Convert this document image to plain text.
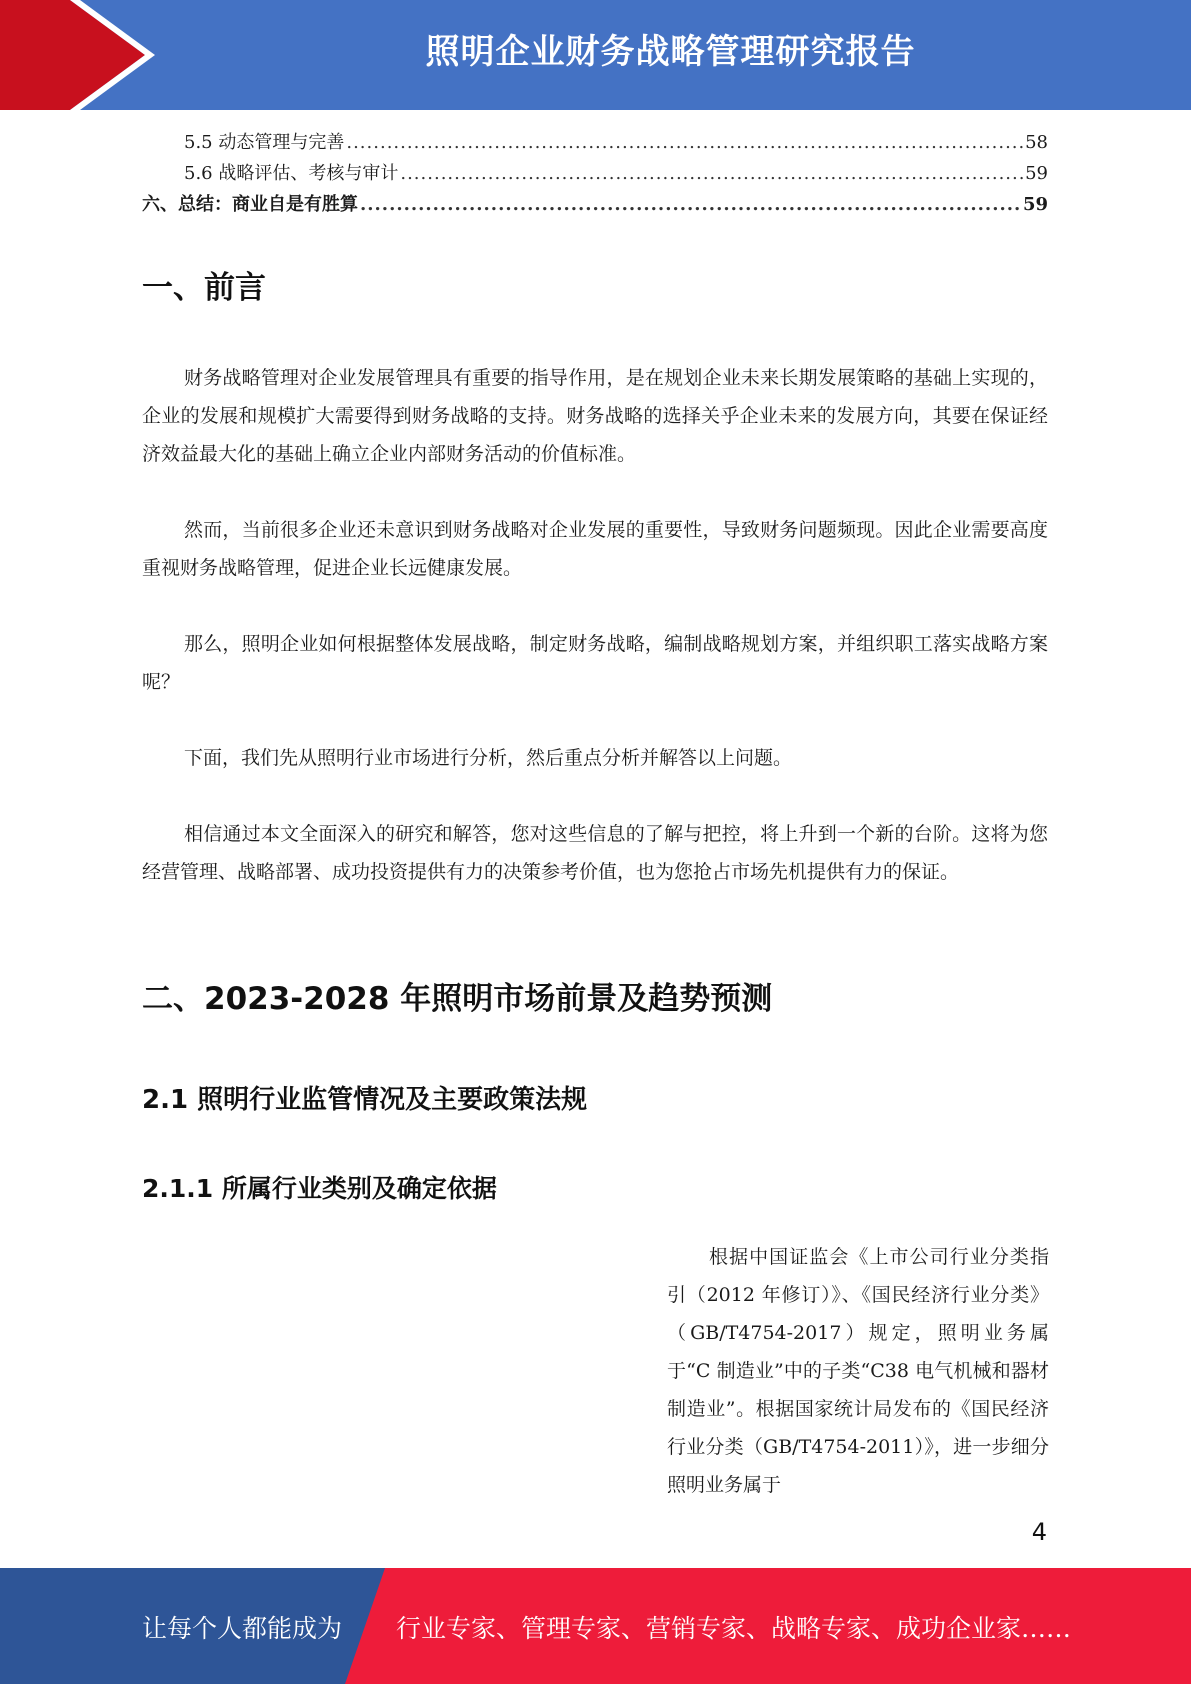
照明企业财务战略管理研究报告
5.5 动态管理与完善 .....	58
5.6 战略评估、考核与审计 .....	59
六、总结：商业自是有胜算 .....	59
一、前言

财务战略管理对企业发展管理具有重要的指导作用，是在规划企业未来长期发展策略的基础上实现的，企业的发展和规模扩大需要得到财务战略的支持。财务战略的选择关乎企业未来的发展方向，其要在保证经济效益最大化的基础上确立企业内部财务活动的价值标准。

然而，当前很多企业还未意识到财务战略对企业发展的重要性，导致财务问题频现。因此企业需要高度重视财务战略管理，促进企业长远健康发展。

那么，照明企业如何根据整体发展战略，制定财务战略，编制战略规划方案，并组织职工落实战略方案呢？

下面，我们先从照明行业市场进行分析，然后重点分析并解答以上问题。

相信通过本文全面深入的研究和解答，您对这些信息的了解与把控，将上升到一个新的台阶。这将为您经营管理、战略部署、成功投资提供有力的决策参考价值，也为您抢占市场先机提供有力的保证。

二、2023-2028 年照明市场前景及趋势预测
2.1 照明行业监管情况及主要政策法规
2.1.1 所属行业类别及确定依据

根据中国证监会《上市公司行业分类指引（2012 年修订）》、《国民经济行业分类》（GB/T4754-2017）规定，照明业务属于“C 制造业”中的子类“C38 电气机械和器材制造业”。根据国家统计局发布的《国民经济行业分类（GB/T4754-2011）》，进一步细分照明业务属于

4
让每个人都能成为 行业专家、管理专家、营销专家、战略专家、成功企业家……
